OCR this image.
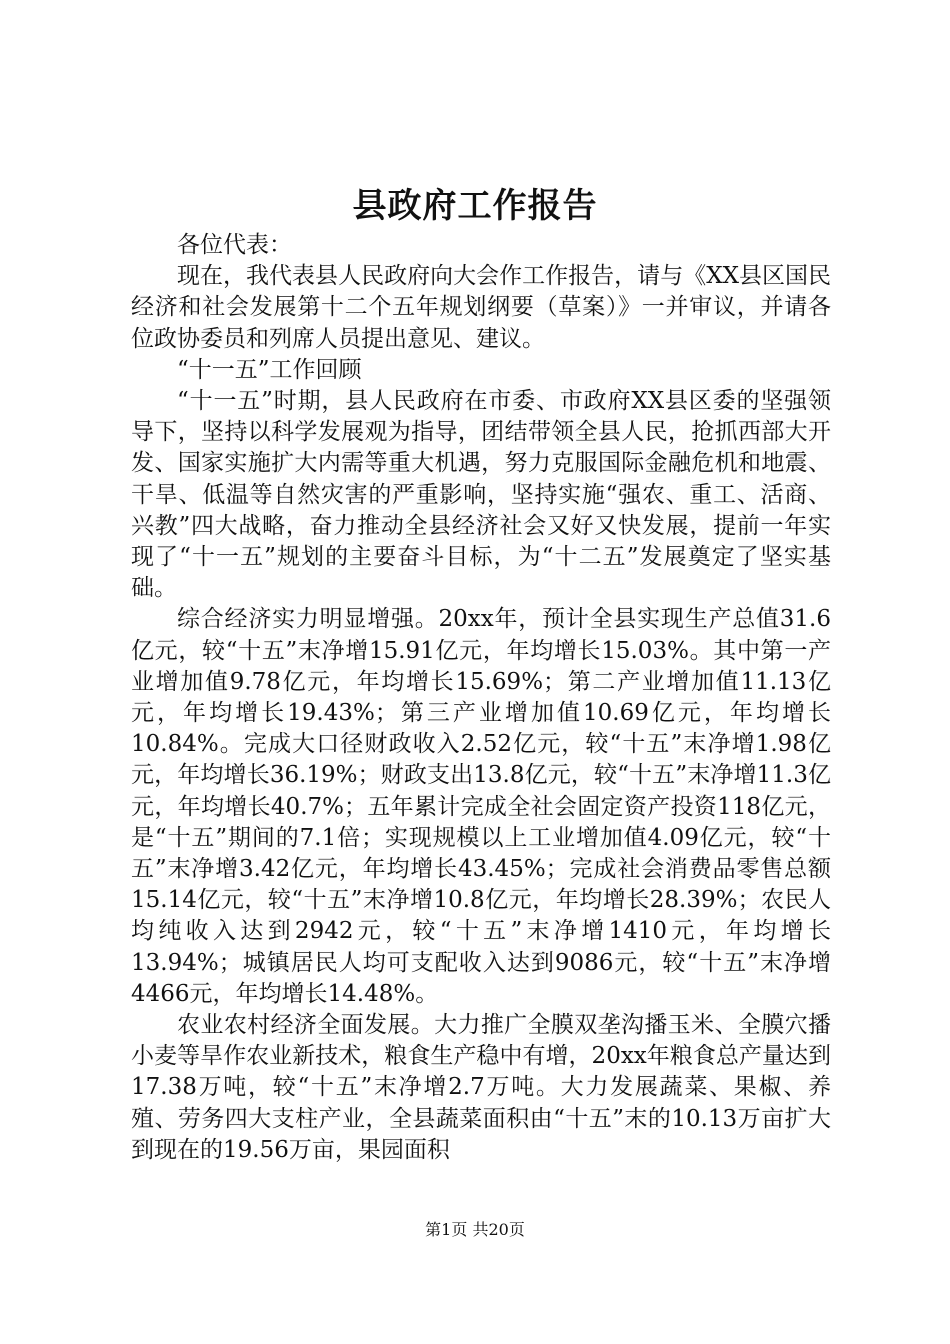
县政府工作报告

各位代表：

现在，我代表县人民政府向大会作工作报告，请与《XX县区国民经济和社会发展第十二个五年规划纲要（草案）》一并审议，并请各位政协委员和列席人员提出意见、建议。

“十一五”工作回顾

“十一五”时期，县人民政府在市委、市政府XX县区委的坚强领导下，坚持以科学发展观为指导，团结带领全县人民，抢抓西部大开发、国家实施扩大内需等重大机遇，努力克服国际金融危机和地震、干旱、低温等自然灾害的严重影响，坚持实施“强农、重工、活商、兴教”四大战略，奋力推动全县经济社会又好又快发展，提前一年实现了“十一五”规划的主要奋斗目标，为“十二五”发展奠定了坚实基础。

综合经济实力明显增强。20xx年，预计全县实现生产总值31.6亿元，较“十五”末净增15.91亿元，年均增长15.03%。其中第一产业增加值9.78亿元，年均增长15.69%；第二产业增加值11.13亿元，年均增长19.43%；第三产业增加值10.69亿元，年均增长10.84%。完成大口径财政收入2.52亿元，较“十五”末净增1.98亿元，年均增长36.19%；财政支出13.8亿元，较“十五”末净增11.3亿元，年均增长40.7%；五年累计完成全社会固定资产投资118亿元，是“十五”期间的7.1倍；实现规模以上工业增加值4.09亿元，较“十五”末净增3.42亿元，年均增长43.45%；完成社会消费品零售总额15.14亿元，较“十五”末净增10.8亿元，年均增长28.39%；农民人均纯收入达到2942元，较“十五”末净增1410元，年均增长13.94%；城镇居民人均可支配收入达到9086元，较“十五”末净增4466元，年均增长14.48%。

农业农村经济全面发展。大力推广全膜双垄沟播玉米、全膜穴播小麦等旱作农业新技术，粮食生产稳中有增，20xx年粮食总产量达到17.38万吨，较“十五”末净增2.7万吨。大力发展蔬菜、果椒、养殖、劳务四大支柱产业，全县蔬菜面积由“十五”末的10.13万亩扩大到现在的19.56万亩，果园面积

第1页 共20页
